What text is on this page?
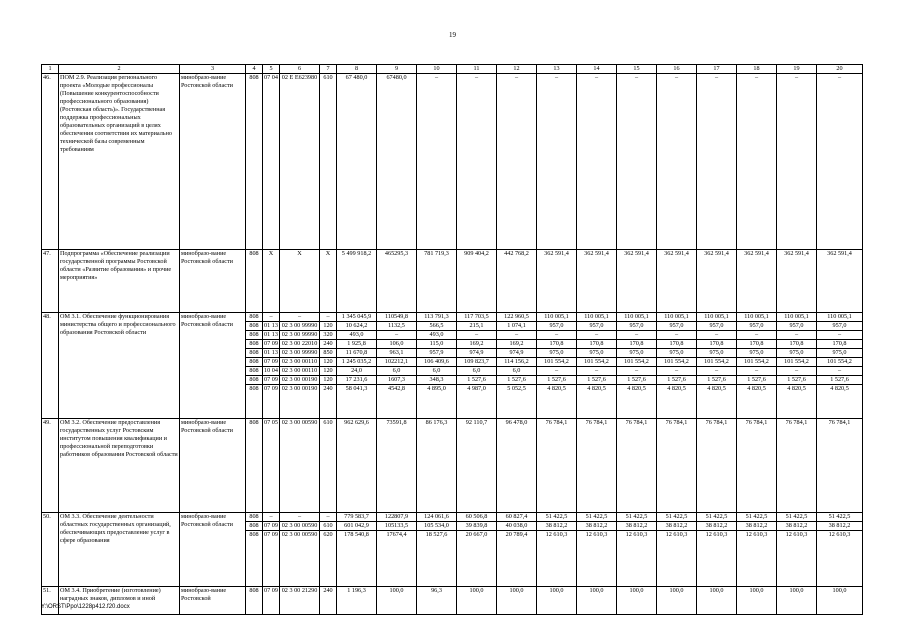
19
1	2	3	4	5	6	7	8	9	10	11	12	13	14	15	16	17	18	19	20
46.	ПОМ 2.9. Реализация регионального проекта «Молодые профессионалы (Повышение конкурентоспособности профессионального образования) (Ростовская область)». Государственная поддержка профессиональных образовательных организаций в целях обеспечения соответствия их материально технической базы современным требованиям	минобразо-вание Ростовской области	808	07 04	02 Е Е623980	610	67 480,0	67480,0	–	–	–	–	–	–	–	–	–	–	–
47.	Подпрограмма «Обеспечение реализации государственной программы Ростовской области «Развитие образования» и прочие мероприятия»	минобразо-вание Ростовской области	808	Х	Х	Х	5 499 918,2	465295,3	781 719,3	909 404,2	442 768,2	362 591,4	362 591,4	362 591,4	362 591,4	362 591,4	362 591,4	362 591,4	362 591,4
48.	ОМ 3.1. Обеспечение функционирования министерства общего и профессионального образования Ростовской области	минобразо-вание Ростовской области	808	–	–	–	1 345 045,9	110549,8	113 791,3	117 703,5	122 960,5	110 005,1	110 005,1	110 005,1	110 005,1	110 005,1	110 005,1	110 005,1	110 005,1
			808	01 13	02 3 00 99990	120	10 624,2	1132,5	566,5	215,1	1 074,1	957,0	957,0	957,0	957,0	957,0	957,0	957,0	957,0
			808	01 13	02 3 00 99990	320	493,0	–	493,0	–	–	–	–	–	–	–	–	–	–
			808	07 09	02 3 00 22010	240	1 925,8	106,0	115,0	169,2	169,2	170,8	170,8	170,8	170,8	170,8	170,8	170,8	170,8
			808	01 13	02 3 00 99990	850	11 670,8	963,1	957,9	974,9	974,9	975,0	975,0	975,0	975,0	975,0	975,0	975,0	975,0
			808	07 09	02 3 00 00110	120	1 245 035,2	102212,1	106 409,6	109 823,7	114 156,2	101 554,2	101 554,2	101 554,2	101 554,2	101 554,2	101 554,2	101 554,2	101 554,2
			808	10 04	02 3 00 00110	120	24,0	6,0	6,0	6,0	6,0	–	–	–	–	–	–	–	–
			808	07 09	02 3 00 00190	120	17 231,6	1607,3	348,3	1 527,6	1 527,6	1 527,6	1 527,6	1 527,6	1 527,6	1 527,6	1 527,6	1 527,6	1 527,6
			808	07 09	02 3 00 00190	240	58 041,3	4542,8	4 895,0	4 987,0	5 052,5	4 820,5	4 820,5	4 820,5	4 820,5	4 820,5	4 820,5	4 820,5	4 820,5
49.	ОМ 3.2. Обеспечение предоставления государственных услуг Ростовским институтом повышения квалификации и профессиональной переподготовки работников образования Ростовской области	минобразо-вание Ростовской области	808	07 05	02 3 00 00590	610	962 629,6	73591,8	86 176,3	92 110,7	96 478,0	76 784,1	76 784,1	76 784,1	76 784,1	76 784,1	76 784,1	76 784,1	76 784,1
50.	ОМ 3.3. Обеспечение деятельности областных государственных организаций, обеспечивающих предоставление услуг в сфере образования	минобразо-вание Ростовской области	808	–	–	–	779 583,7	122807,9	124 061,6	60 506,8	60 827,4	51 422,5	51 422,5	51 422,5	51 422,5	51 422,5	51 422,5	51 422,5	51 422,5
			808	07 09	02 3 00 00590	610	601 042,9	105133,5	105 534,0	39 839,8	40 038,0	38 812,2	38 812,2	38 812,2	38 812,2	38 812,2	38 812,2	38 812,2	38 812,2
			808	07 09	02 3 00 00590	620	178 540,8	17674,4	18 527,6	20 667,0	20 789,4	12 610,3	12 610,3	12 610,3	12 610,3	12 610,3	12 610,3	12 610,3	12 610,3
51.	ОМ 3.4. Приобретение (изготовление) наградных знаков, дипломов и иной	минобразо-вание Ростовской	808	07 09	02 3 00 21290	240	1 196,3	100,0	96,3	100,0	100,0	100,0	100,0	100,0	100,0	100,0	100,0	100,0	100,0
Y:\ORST\Ppo\1228p412.f20.docx
